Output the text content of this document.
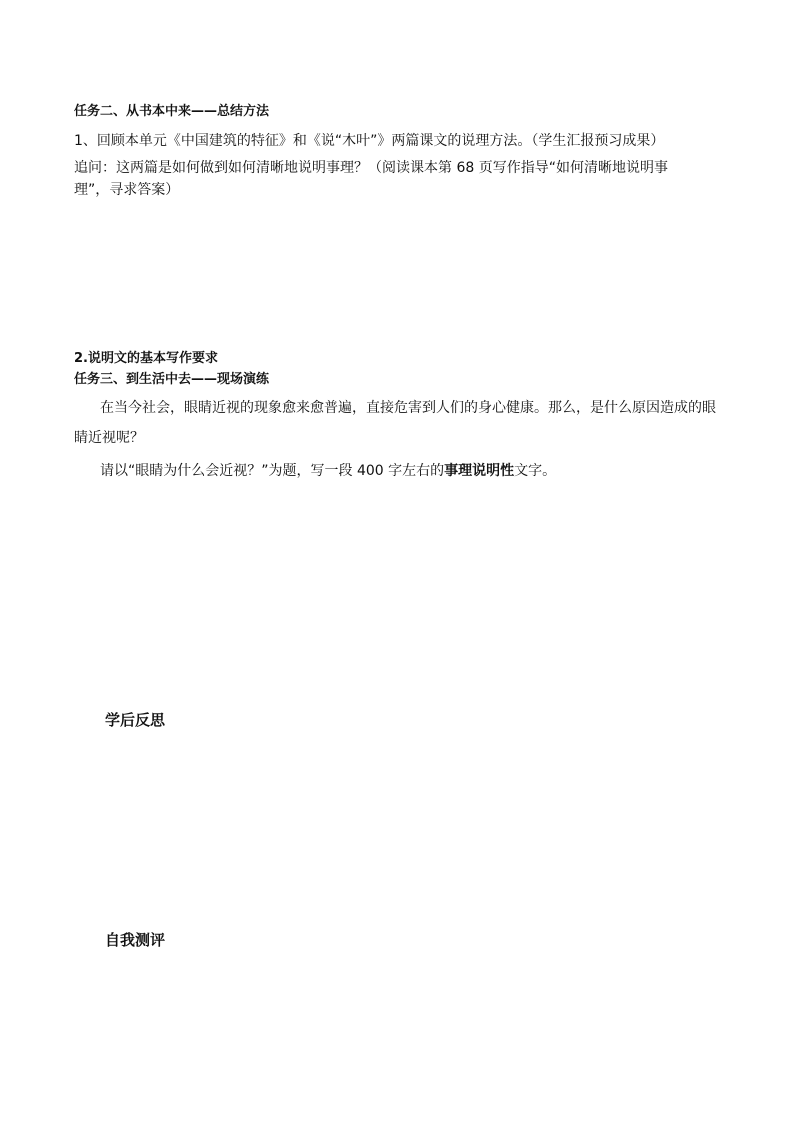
任务二、从书本中来——总结方法
1、回顾本单元《中国建筑的特征》和《说“木叶”》两篇课文的说理方法。（学生汇报预习成果）
追问：这两篇是如何做到如何清晰地说明事理？（阅读课本第 68 页写作指导“如何清晰地说明事
理”，寻求答案）
2.说明文的基本写作要求
任务三、到生活中去——现场演练
在当今社会，眼睛近视的现象愈来愈普遍，直接危害到人们的身心健康。那么，是什么原因造成的眼
睛近视呢？
请以“眼睛为什么会近视？”为题，写一段 400 字左右的事理说明性文字。
学后反思
自我测评
